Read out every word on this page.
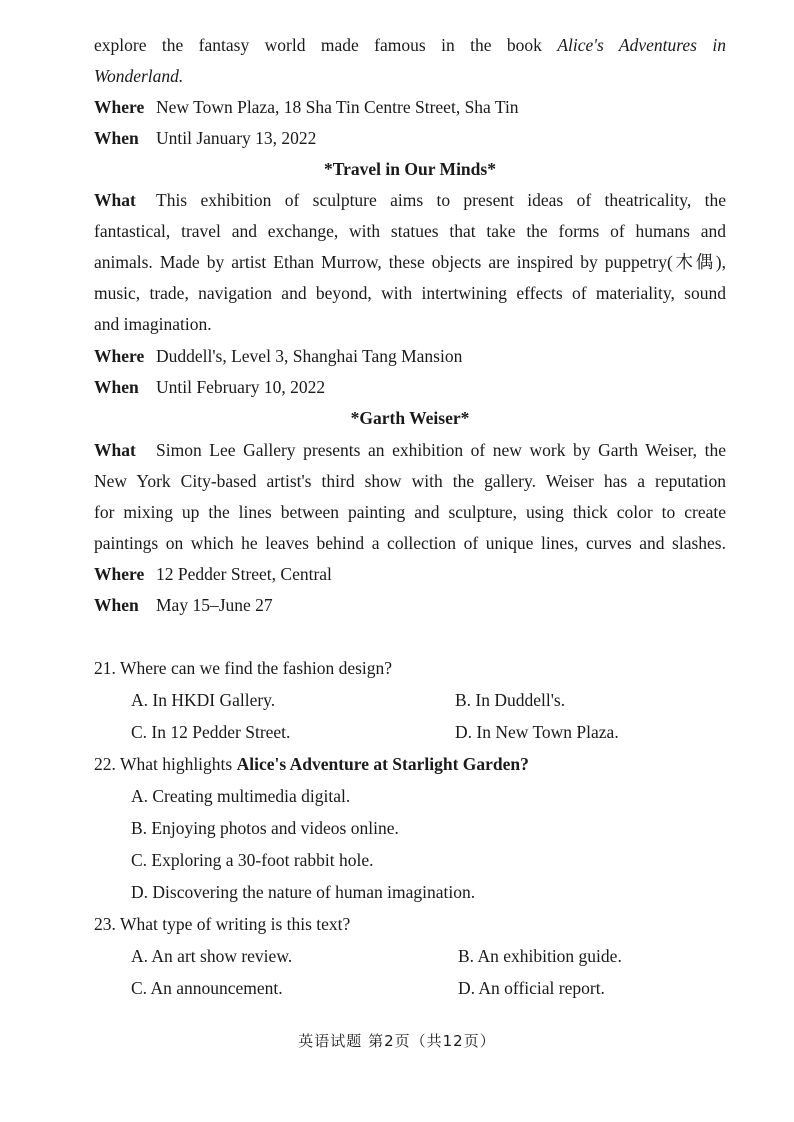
explore the fantasy world made famous in the book Alice's Adventures in
Wonderland.
Where New Town Plaza, 18 Sha Tin Centre Street, Sha Tin
When Until January 13, 2022
*Travel in Our Minds*
What This exhibition of sculpture aims to present ideas of theatricality, the
fantastical, travel and exchange, with statues that take the forms of humans and
animals. Made by artist Ethan Murrow, these objects are inspired by puppetry(木偶),
music, trade, navigation and beyond, with intertwining effects of materiality, sound
and imagination.
Where Duddell's, Level 3, Shanghai Tang Mansion
When Until February 10, 2022
*Garth Weiser*
What Simon Lee Gallery presents an exhibition of new work by Garth Weiser, the
New York City-based artist's third show with the gallery. Weiser has a reputation
for mixing up the lines between painting and sculpture, using thick color to create
paintings on which he leaves behind a collection of unique lines, curves and slashes.
Where 12 Pedder Street, Central
When May 15–June 27
21. Where can we find the fashion design?
A. In HKDI Gallery.	B. In Duddell's.
C. In 12 Pedder Street.	D. In New Town Plaza.
22. What highlights Alice's Adventure at Starlight Garden?
A. Creating multimedia digital.
B. Enjoying photos and videos online.
C. Exploring a 30-foot rabbit hole.
D. Discovering the nature of human imagination.
23. What type of writing is this text?
A. An art show review.	B. An exhibition guide.
C. An announcement.	D. An official report.
英语试题 第2页（共12页）
